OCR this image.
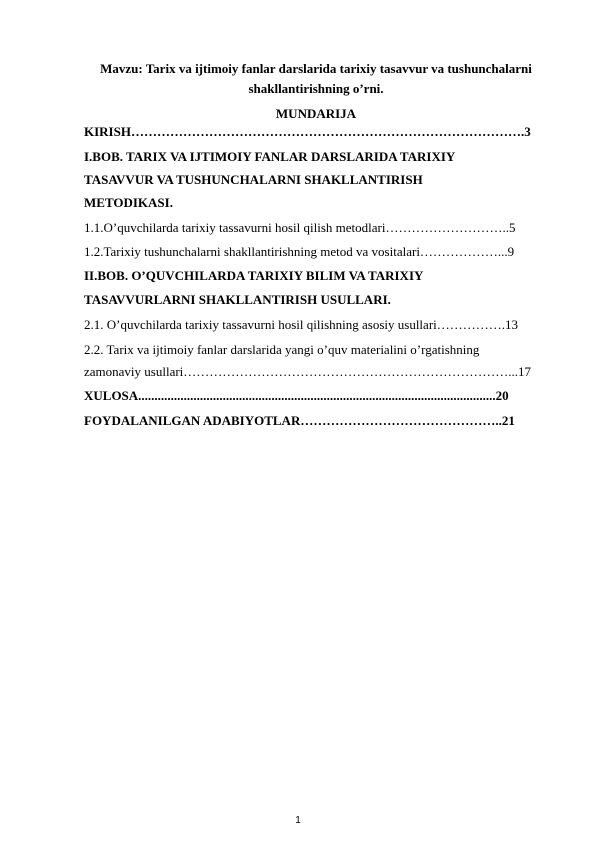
Mavzu: Tarix va ijtimoiy fanlar darslarida tarixiy tasavvur va tushunchalarni
shakllantirishning o’rni.
MUNDARIJA
KIRISH……………………………………………………………………………….3
I.BOB. TARIX VA IJTIMOIY FANLAR DARSLARIDA TARIXIY
TASAVVUR VA TUSHUNCHALARNI SHAKLLANTIRISH
METODIKASI.
1.1.O’quvchilarda tarixiy tassavurni hosil qilish metodlari………………………..5
1.2.Tarixiy tushunchalarni shakllantirishning metod va vositalari………………...9
II.BOB. O’QUVCHILARDA TARIXIY BILIM VA TARIXIY
TASAVVURLARNI SHAKLLANTIRISH USULLARI.
2.1. O’quvchilarda tarixiy tassavurni hosil qilishning asosiy usullari…………….13
2.2. Tarix va ijtimoiy fanlar darslarida yangi o’quv materialini o’rgatishning
zamonaviy usullari…………………………………………………………………...17
XULOSA..............................................................................................................20
FOYDALANILGAN ADABIYOTLAR………………………………………..21
1
